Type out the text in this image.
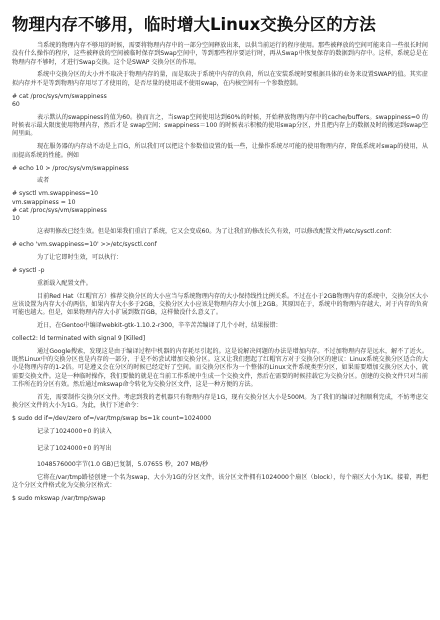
物理内存不够用，临时增大Linux交换分区的方法
当系统的物理内存不够用的时候，需要将物理内存中的一部分空间释放出来，以供当前运行的程序使用。那些被释放的空间可能来自一些很长时间没有什么操作的程序，这些被释放的空间被临时保存到Swap空间中，等到那些程序要运行时，再从Swap中恢复保存的数据到内存中。这样，系统总是在物理内存不够时，才进行Swap交换。这个是SWAP 交换分区的作用。
系统中交换分区的大小并不取决于物理内存的量，而是取决于系统中内存的负荷，所以在安装系统时要根据具体的业务来设置SWAP的值。其实虚拟内存并不是等到物理内存用尽了才使用的，是否尽量的使用或不使用swap，在内核空间有一个参数控制。
# cat /proc/sys/vm/swappiness
60
表示默认的swappiness的值为60。换而言之，当swap空间使用达到60%的时候，开始释放物理内存中的cache/buffers。swappiness=0 的时候表示最大限度使用物理内存，然后才是 swap空间；swappiness＝100 的时候表示积极的使用swap分区，并且把内存上的数据及时的搬运到swap空间里面。
现在服务器的内存动不动是上百G，所以我们可以把这个参数值设置的低一些，让操作系统尽可能的使用物理内存，降低系统对swap的使用，从而提高系统的性能。例如
# echo 10 > /proc/sys/vm/swappiness
或者
# sysctl vm.swappiness=10
vm.swappiness = 10
# cat /proc/sys/vm/swappiness
10
这表明修改已经生效。但是如果我们重启了系统，它又会变成60。为了让我们的修改长久有效，可以修改配置文件/etc/sysctl.conf：
# echo 'vm.swappiness=10' >>/etc/sysctl.conf
为了让它即时生效，可以执行：
# sysctl -p
重新载入配置文件。
目前Red Hat（红帽官方）推荐交换分区的大小应当与系统物理内存的大小保持线性比例关系。不过在小于2GB物理内存的系统中，交换分区大小应该设置为内存大小的两倍，如果内存大小多于2GB，交换分区大小应该是物理内存大小加上2GB。其原因在于，系统中的物理内存越大，对于内存的负荷可能也越大。但是，如果物理内存大小扩展到数百GB，这样做没什么意义了。
近日，在Gentoo中编译webkit-gtk-1.10.2-r300，辛辛苦苦编译了几个小时，结果报错：
collect2: ld terminated with signal 9 [Killed]
通过Google搜索，发现这是由于编译过程中机器的内存耗尽引起的。这是说解决问题的办法是增加内存。不过加物理内存是远水，解不了近火。既然Linux中的交换分区也是内存的一部分，于是不妨尝试增加交换分区。这又让我们想起了红帽官方对于交换分区的建议：Linux系统交换分区适合的大小是物理内存的1-2倍。可是遵义会在分区的时候已经定好了空间。而交换分区作为一个整体的Linux文件系统类型分区，如果需要增加交换分区大小，就需要交换文件。这是一种临时操作，我们要做的就是在当前工作系统中生成一个交换文件，然后在需要的时候挂载它为交换分区。创建的交换文件只对当前工作所在的分区有效。然后通过mkswap命令转化为交换分区文件，这是一种方便的方法。
首先，需要制作交换分区文件。考虑到我的老机器只有物理内存是1G，现有交换分区大小是500M。为了我们的编译过程顺利完成，不妨考虑交换分区文件的大小为1G。为此，执行下述命令：
$ sudo dd if=/dev/zero of=/var/tmp/swap bs=1k count=1024000
记录了1024000+0 的读入

记录了1024000+0 的写出

1048576000字节(1.0 GB)已复制，5.07655 秒，207 MB/秒
它将在/var/tmp路径创建一个名为swap、大小为1G的分区文件，该分区文件拥有1024000个扇区（block），每个扇区大小为1K。接着，再把这个分区文件格式化为交换分区格式：
$ sudo mkswap /var/tmp/swap
